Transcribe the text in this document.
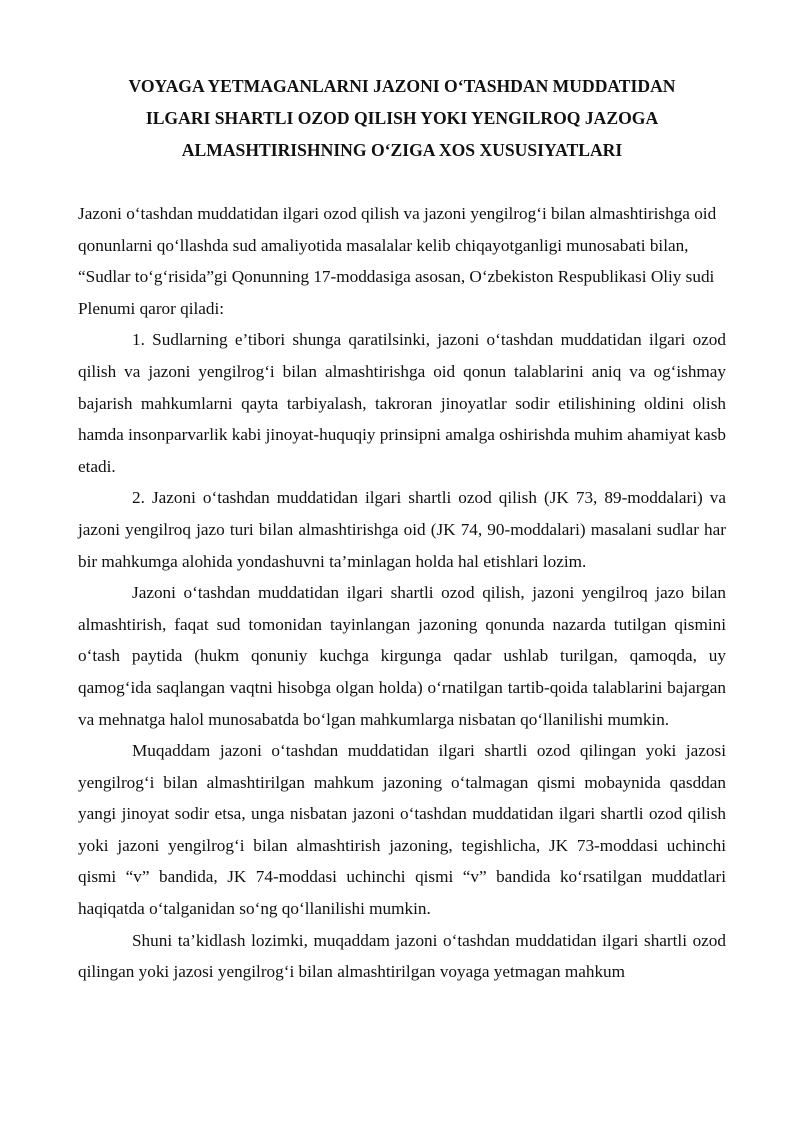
VOYAGA YETMAGANLARNI JAZONI O‘TASHDAN MUDDATIDAN
ILGARI SHARTLI OZOD QILISH YOKI YENGILROQ JAZOGA
ALMASHTIRISHNING O‘ZIGA XOS XUSUSIYATLARI

Jazoni o‘tashdan muddatidan ilgari ozod qilish va jazoni yengilrog‘i bilan almashtirishga oid qonunlarni qo‘llashda sud amaliyotida masalalar kelib chiqayotganligi munosabati bilan, “Sudlar to‘g‘risida”gi Qonunning 17-moddasiga asosan, O‘zbekiston Respublikasi Oliy sudi Plenumi qaror qiladi:

1. Sudlarning e’tibori shunga qaratilsinki, jazoni o‘tashdan muddatidan ilgari ozod qilish va jazoni yengilrog‘i bilan almashtirishga oid qonun talablarini aniq va og‘ishmay bajarish mahkumlarni qayta tarbiyalash, takroran jinoyatlar sodir etilishining oldini olish hamda insonparvarlik kabi jinoyat-huquqiy prinsipni amalga oshirishda muhim ahamiyat kasb etadi.

2. Jazoni o‘tashdan muddatidan ilgari shartli ozod qilish (JK 73, 89-moddalari) va jazoni yengilroq jazo turi bilan almashtirishga oid (JK 74, 90-moddalari) masalani sudlar har bir mahkumga alohida yondashuvni ta’minlagan holda hal etishlari lozim.

Jazoni o‘tashdan muddatidan ilgari shartli ozod qilish, jazoni yengilroq jazo bilan almashtirish, faqat sud tomonidan tayinlangan jazoning qonunda nazarda tutilgan qismini o‘tash paytida (hukm qonuniy kuchga kirgunga qadar ushlab turilgan, qamoqda, uy qamog‘ida saqlangan vaqtni hisobga olgan holda) o‘rnatilgan tartib-qoida talablarini bajargan va mehnatga halol munosabatda bo‘lgan mahkumlarga nisbatan qo‘llanilishi mumkin.

Muqaddam jazoni o‘tashdan muddatidan ilgari shartli ozod qilingan yoki jazosi yengilrog‘i bilan almashtirilgan mahkum jazoning o‘talmagan qismi mobaynida qasddan yangi jinoyat sodir etsa, unga nisbatan jazoni o‘tashdan muddatidan ilgari shartli ozod qilish yoki jazoni yengilrog‘i bilan almashtirish jazoning, tegishlicha, JK 73-moddasi uchinchi qismi “v” bandida, JK 74-moddasi uchinchi qismi “v” bandida ko‘rsatilgan muddatlari haqiqatda o‘talganidan so‘ng qo‘llanilishi mumkin.

Shuni ta’kidlash lozimki, muqaddam jazoni o‘tashdan muddatidan ilgari shartli ozod qilingan yoki jazosi yengilrog‘i bilan almashtirilgan voyaga yetmagan mahkum
